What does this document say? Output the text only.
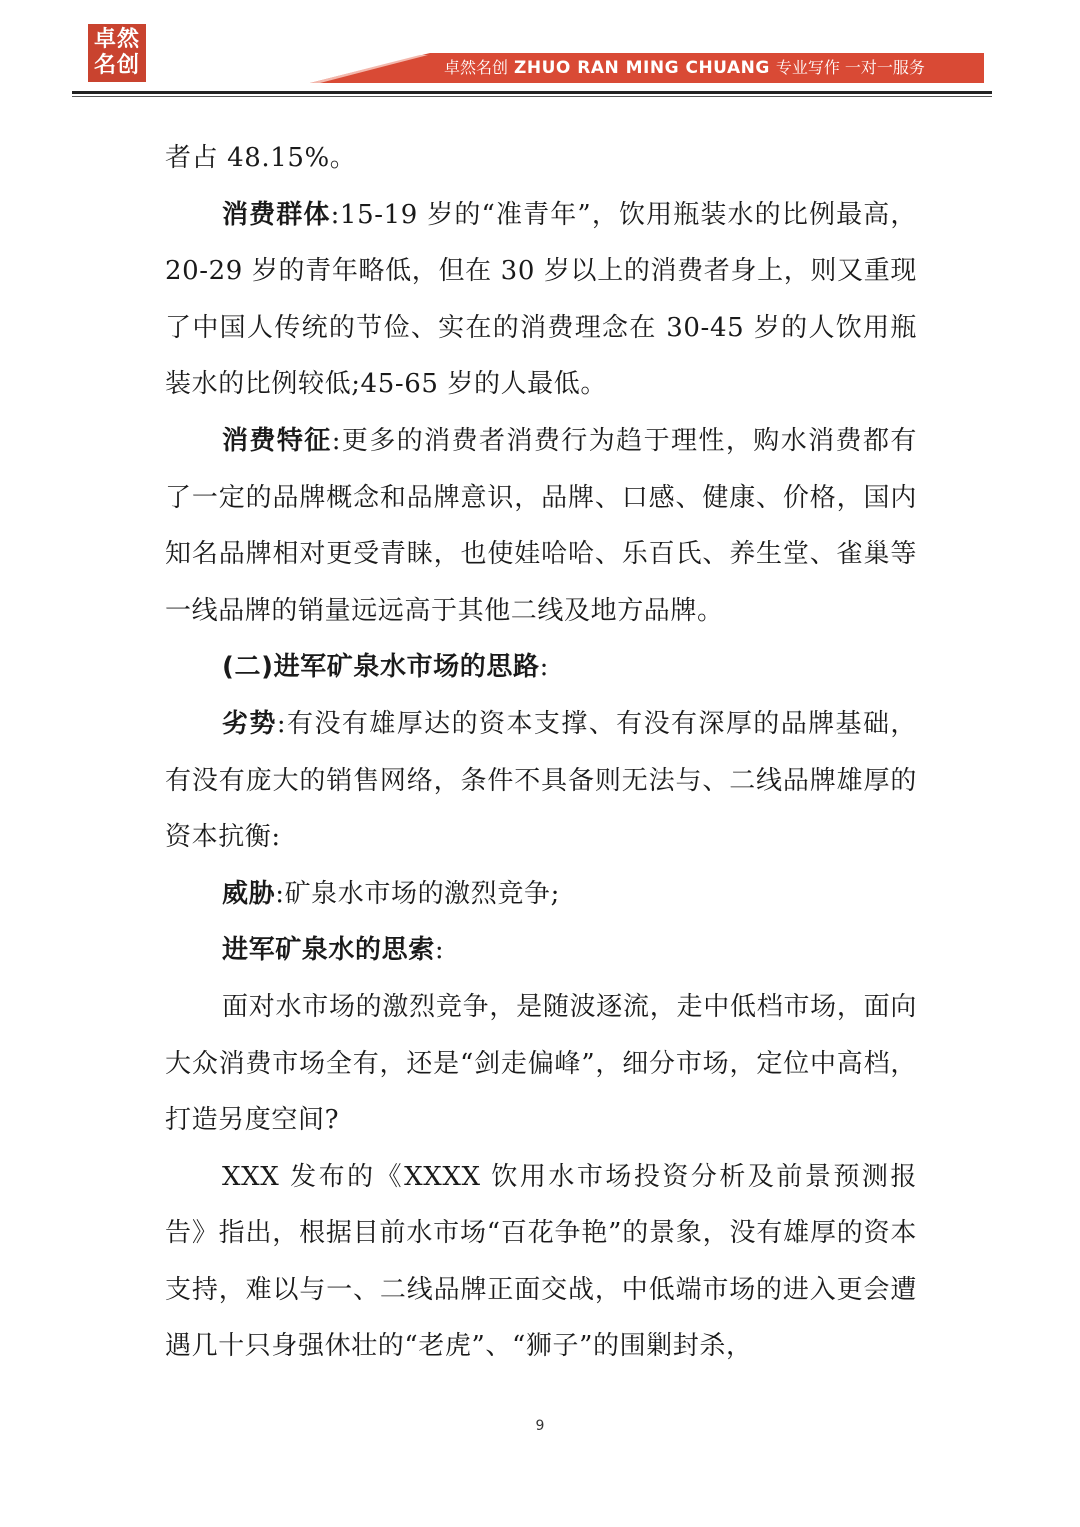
卓然
名创	卓然名创 ZHUO RAN MING CHUANG 专业写作 一对一服务

者占 48.15%。

消费群体:15-19 岁的“准青年”，饮用瓶装水的比例最高，20-29 岁的青年略低，但在 30 岁以上的消费者身上，则又重现了中国人传统的节俭、实在的消费理念在 30-45 岁的人饮用瓶装水的比例较低;45-65 岁的人最低。

消费特征:更多的消费者消费行为趋于理性，购水消费都有了一定的品牌概念和品牌意识，品牌、口感、健康、价格，国内知名品牌相对更受青睐，也使娃哈哈、乐百氏、养生堂、雀巢等一线品牌的销量远远高于其他二线及地方品牌。

(二)进军矿泉水市场的思路:

劣势:有没有雄厚达的资本支撑、有没有深厚的品牌基础，有没有庞大的销售网络，条件不具备则无法与、二线品牌雄厚的资本抗衡:

威胁:矿泉水市场的激烈竞争;

进军矿泉水的思索:

面对水市场的激烈竞争，是随波逐流，走中低档市场，面向大众消费市场全有，还是“剑走偏峰”，细分市场，定位中高档，打造另度空间?

XXX 发布的《XXXX 饮用水市场投资分析及前景预测报告》指出，根据目前水市场“百花争艳”的景象，没有雄厚的资本支持，难以与一、二线品牌正面交战，中低端市场的进入更会遭遇几十只身强休壮的“老虎”、“狮子”的围剿封杀，

9
